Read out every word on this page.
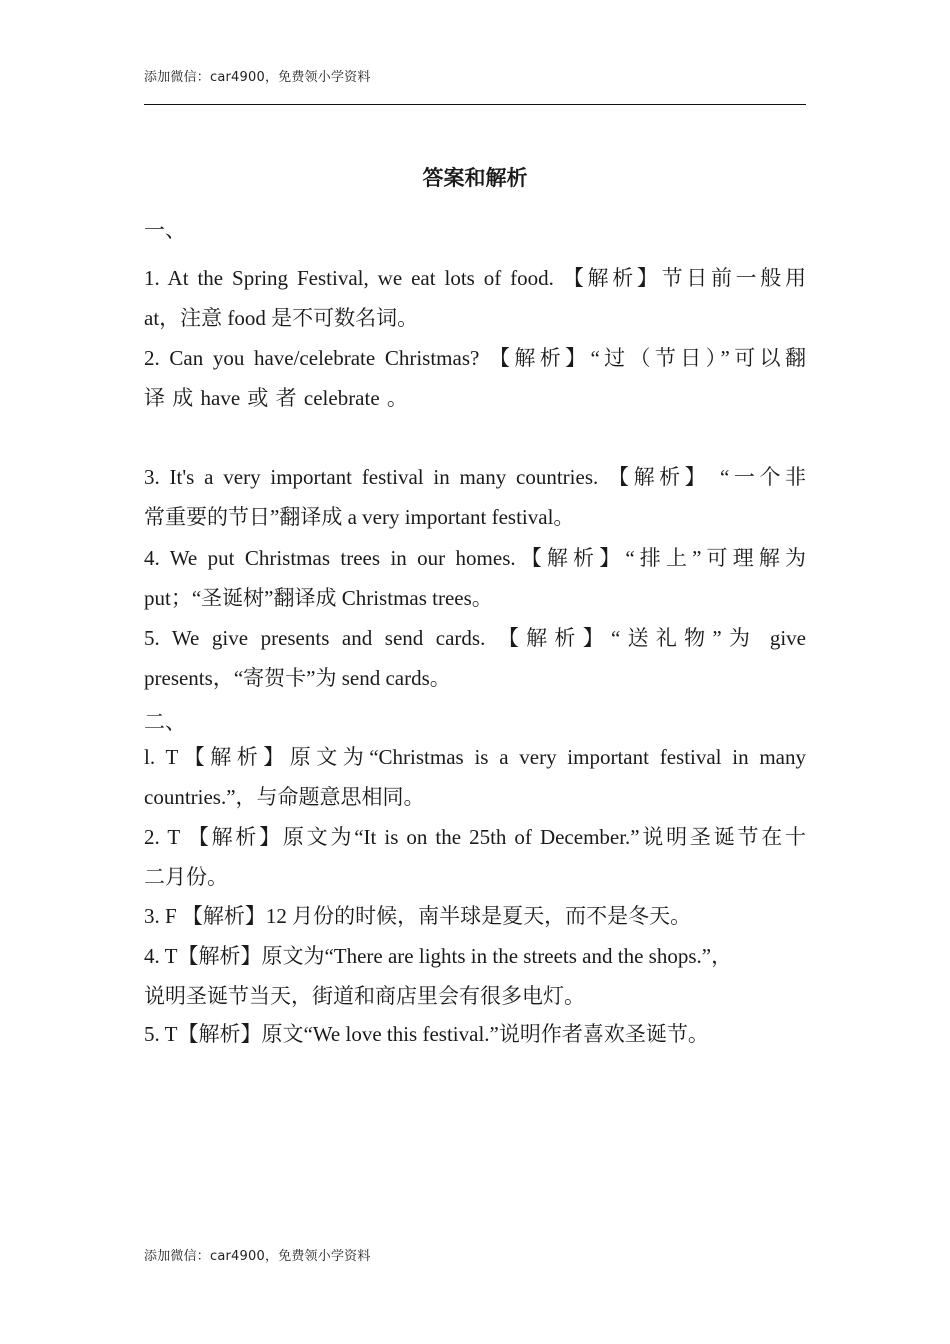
添加微信：car4900，免费领小学资料
答案和解析
一、
1. At the Spring Festival, we eat lots of food. 【解析】节日前一般用
at，注意 food 是不可数名词。
2. Can you have/celebrate Christmas? 【解析】“过（节日）”可以翻
译 成 have 或 者 celebrate 。
3. It's a very important festival in many countries. 【解析】 “一个非
常重要的节日”翻译成 a very important festival。
4. We put Christmas trees in our homes.【解析】“排上”可理解为
put；“圣诞树”翻译成 Christmas trees。
5. We give presents and send cards. 【解析】“送礼物”为 give
presents，“寄贺卡”为 send cards。
二、
l. T【解析】原文为“Christmas is a very important festival in many
countries.”，与命题意思相同。
2. T 【解析】原文为“It is on the 25th of December.”说明圣诞节在十
二月份。
3. F 【解析】12 月份的时候，南半球是夏天，而不是冬天。
4. T【解析】原文为“There are lights in the streets and the shops.”，
说明圣诞节当天，街道和商店里会有很多电灯。
5. T【解析】原文“We love this festival.”说明作者喜欢圣诞节。
添加微信：car4900，免费领小学资料
